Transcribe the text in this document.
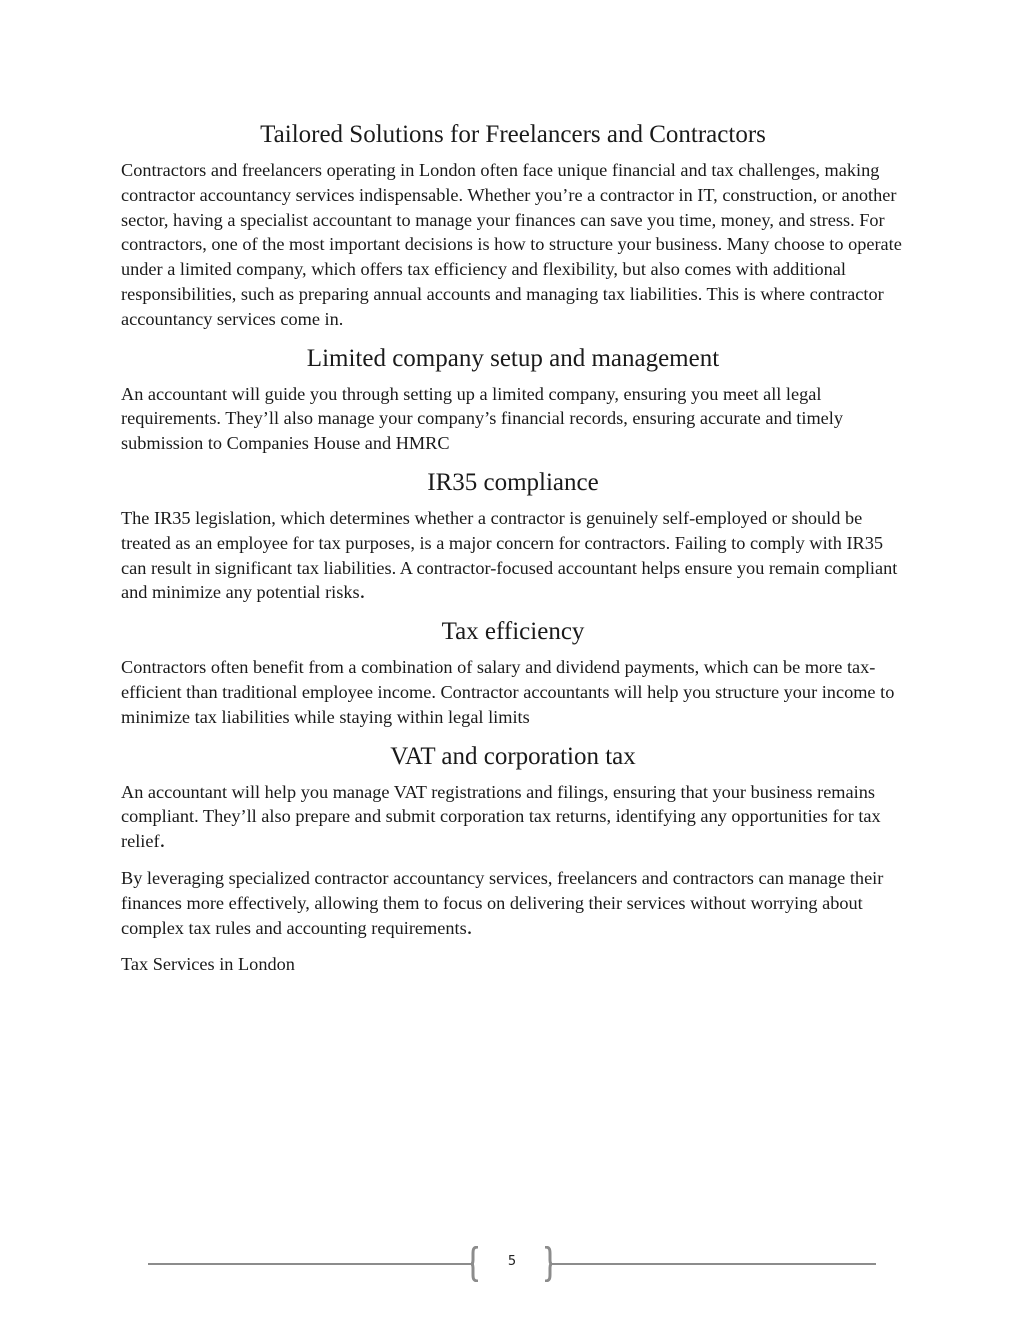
Tailored Solutions for Freelancers and Contractors

Contractors and freelancers operating in London often face unique financial and tax challenges, making contractor accountancy services indispensable. Whether you’re a contractor in IT, construction, or another sector, having a specialist accountant to manage your finances can save you time, money, and stress. For contractors, one of the most important decisions is how to structure your business. Many choose to operate under a limited company, which offers tax efficiency and flexibility, but also comes with additional responsibilities, such as preparing annual accounts and managing tax liabilities. This is where contractor accountancy services come in.

Limited company setup and management

An accountant will guide you through setting up a limited company, ensuring you meet all legal requirements. They’ll also manage your company’s financial records, ensuring accurate and timely submission to Companies House and HMRC

IR35 compliance

The IR35 legislation, which determines whether a contractor is genuinely self-employed or should be treated as an employee for tax purposes, is a major concern for contractors. Failing to comply with IR35 can result in significant tax liabilities. A contractor-focused accountant helps ensure you remain compliant and minimize any potential risks.

Tax efficiency

Contractors often benefit from a combination of salary and dividend payments, which can be more tax-efficient than traditional employee income. Contractor accountants will help you structure your income to minimize tax liabilities while staying within legal limits

VAT and corporation tax

An accountant will help you manage VAT registrations and filings, ensuring that your business remains compliant. They’ll also prepare and submit corporation tax returns, identifying any opportunities for tax relief.

By leveraging specialized contractor accountancy services, freelancers and contractors can manage their finances more effectively, allowing them to focus on delivering their services without worrying about complex tax rules and accounting requirements.

Tax Services in London

5
